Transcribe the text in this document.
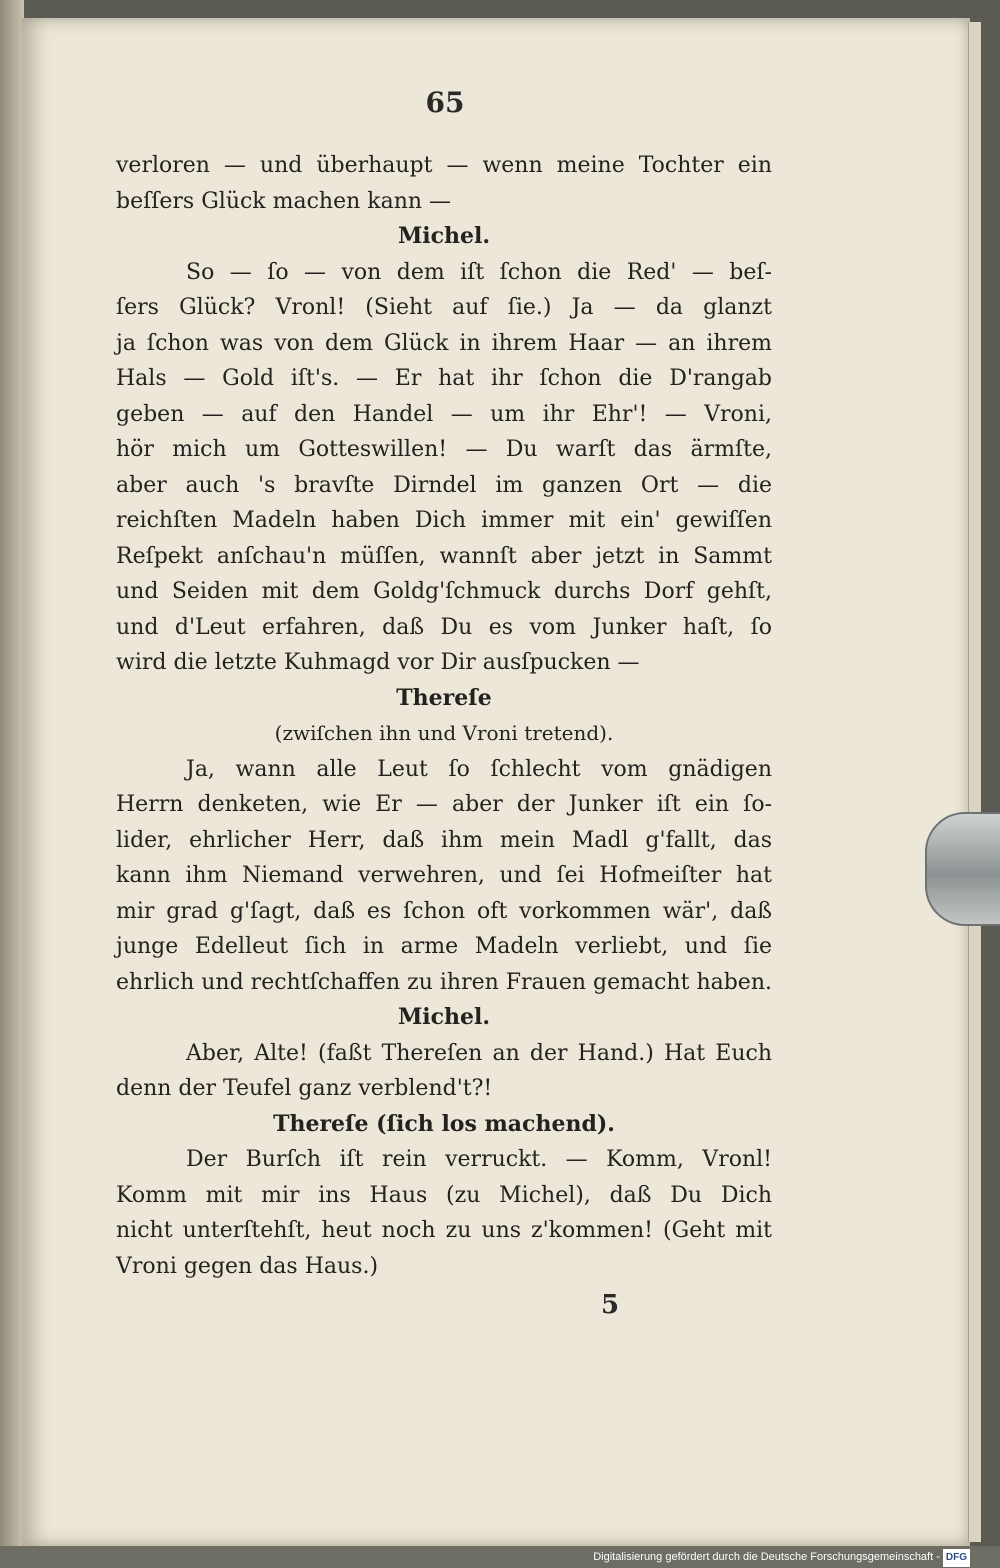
65
verloren — und überhaupt — wenn meine Tochter ein
beſſers Glück machen kann —
Michel.
So — ſo — von dem iſt ſchon die Red' — beſ-
ſers Glück? Vronl! (Sieht auf ſie.) Ja — da glanzt
ja ſchon was von dem Glück in ihrem Haar — an ihrem
Hals — Gold iſt's. — Er hat ihr ſchon die D'rangab
geben — auf den Handel — um ihr Ehr'! — Vroni,
hör mich um Gotteswillen! — Du warſt das ärmſte,
aber auch 's bravſte Dirndel im ganzen Ort — die
reichſten Madeln haben Dich immer mit ein' gewiſſen
Reſpekt anſchau'n müſſen, wannſt aber jetzt in Sammt
und Seiden mit dem Goldg'ſchmuck durchs Dorf gehſt,
und d'Leut erfahren, daß Du es vom Junker haſt, ſo
wird die letzte Kuhmagd vor Dir ausſpucken —
Thereſe
(zwiſchen ihn und Vroni tretend).
Ja, wann alle Leut ſo ſchlecht vom gnädigen
Herrn denketen, wie Er — aber der Junker iſt ein ſo-
lider, ehrlicher Herr, daß ihm mein Madl g'fallt, das
kann ihm Niemand verwehren, und ſei Hofmeiſter hat
mir grad g'ſagt, daß es ſchon oft vorkommen wär', daß
junge Edelleut ſich in arme Madeln verliebt, und ſie
ehrlich und rechtſchaffen zu ihren Frauen gemacht haben.
Michel.
Aber, Alte! (faßt Thereſen an der Hand.) Hat Euch
denn der Teufel ganz verblend't?!
Thereſe (ſich los machend).
Der Burſch iſt rein verruckt. — Komm, Vronl!
Komm mit mir ins Haus (zu Michel), daß Du Dich
nicht unterſtehſt, heut noch zu uns z'kommen! (Geht mit
Vroni gegen das Haus.)
5
Digitalisierung gefördert durch die Deutsche Forschungsgemeinschaft - DFG
